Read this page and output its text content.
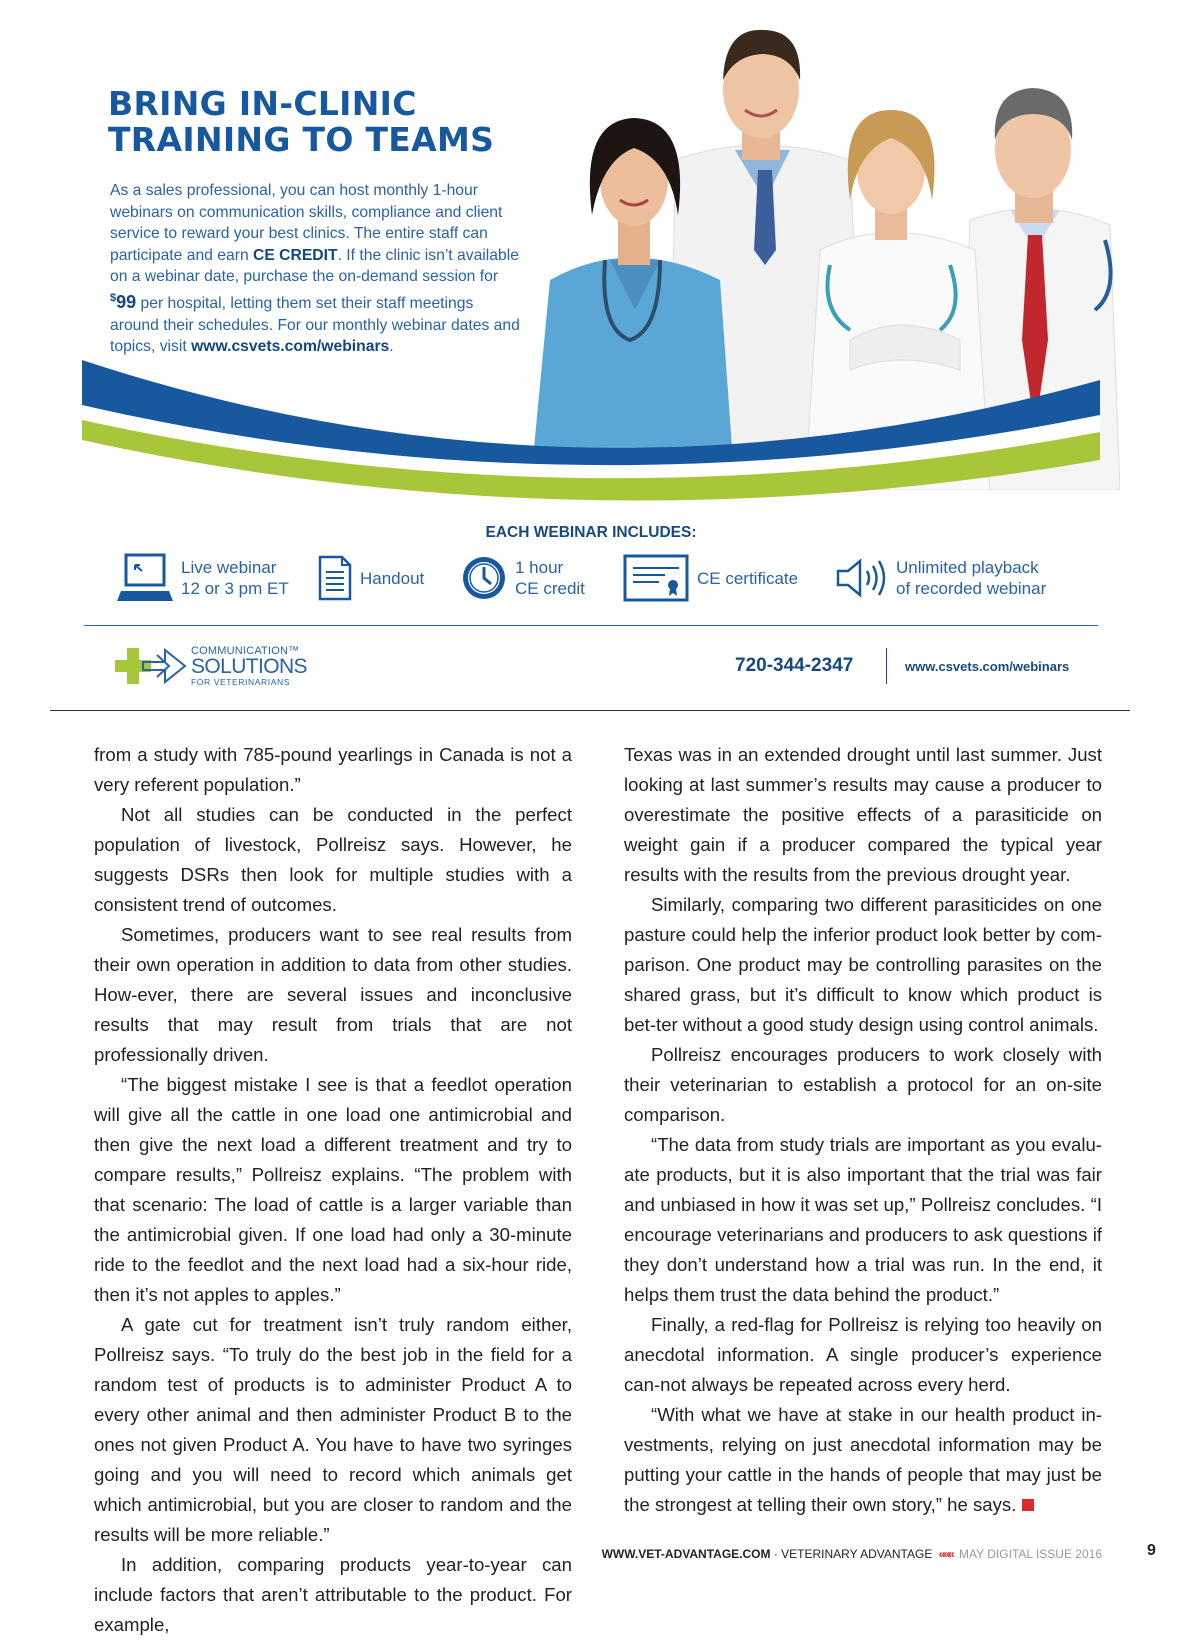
BRING IN-CLINIC
TRAINING TO TEAMS

As a sales professional, you can host monthly 1-hour webinars on communication skills, compliance and client service to reward your best clinics. The entire staff can participate and earn CE CREDIT. If the clinic isn’t available on a webinar date, purchase the on-demand session for $99 per hospital, letting them set their staff meetings around their schedules. For our monthly webinar dates and topics, visit www.csvets.com/webinars.

EACH WEBINAR INCLUDES:
Live webinar
12 or 3 pm ET
Handout
1 hour
CE credit
CE certificate
Unlimited playback
of recorded webinar
COMMUNICATION™
SOLUTIONS
FOR VETERINARIANS
720-344-2347	www.csvets.com/webinars

from a study with 785-pound yearlings in Canada is not a very referent population.”

Not all studies can be conducted in the perfect population of livestock, Pollreisz says. However, he suggests DSRs then look for multiple studies with a consistent trend of outcomes.

Sometimes, producers want to see real results from their own operation in addition to data from other studies. How-ever, there are several issues and inconclusive results that may result from trials that are not professionally driven.

“The biggest mistake I see is that a feedlot operation will give all the cattle in one load one antimicrobial and then give the next load a different treatment and try to compare results,” Pollreisz explains. “The problem with that scenario: The load of cattle is a larger variable than the antimicrobial given. If one load had only a 30-minute ride to the feedlot and the next load had a six-hour ride, then it’s not apples to apples.”

A gate cut for treatment isn’t truly random either, Pollreisz says. “To truly do the best job in the field for a random test of products is to administer Product A to every other animal and then administer Product B to the ones not given Product A. You have to have two syringes going and you will need to record which animals get which antimicrobial, but you are closer to random and the results will be more reliable.”

In addition, comparing products year-to-year can include factors that aren’t attributable to the product. For example,

Texas was in an extended drought until last summer. Just looking at last summer’s results may cause a producer to overestimate the positive effects of a parasiticide on weight gain if a producer compared the typical year results with the results from the previous drought year.

Similarly, comparing two different parasiticides on one pasture could help the inferior product look better by com-parison. One product may be controlling parasites on the shared grass, but it’s difficult to know which product is bet-ter without a good study design using control animals.

Pollreisz encourages producers to work closely with their veterinarian to establish a protocol for an on-site comparison.

“The data from study trials are important as you evalu-ate products, but it is also important that the trial was fair and unbiased in how it was set up,” Pollreisz concludes. “I encourage veterinarians and producers to ask questions if they don’t understand how a trial was run. In the end, it helps them trust the data behind the product.”

Finally, a red-flag for Pollreisz is relying too heavily on anecdotal information. A single producer’s experience can-not always be repeated across every herd.

“With what we have at stake in our health product in-vestments, relying on just anecdotal information may be putting your cattle in the hands of people that may just be the strongest at telling their own story,” he says.

WWW.VET-ADVANTAGE.COM · VETERINARY ADVANTAGE ««« MAY DIGITAL ISSUE 2016	9
